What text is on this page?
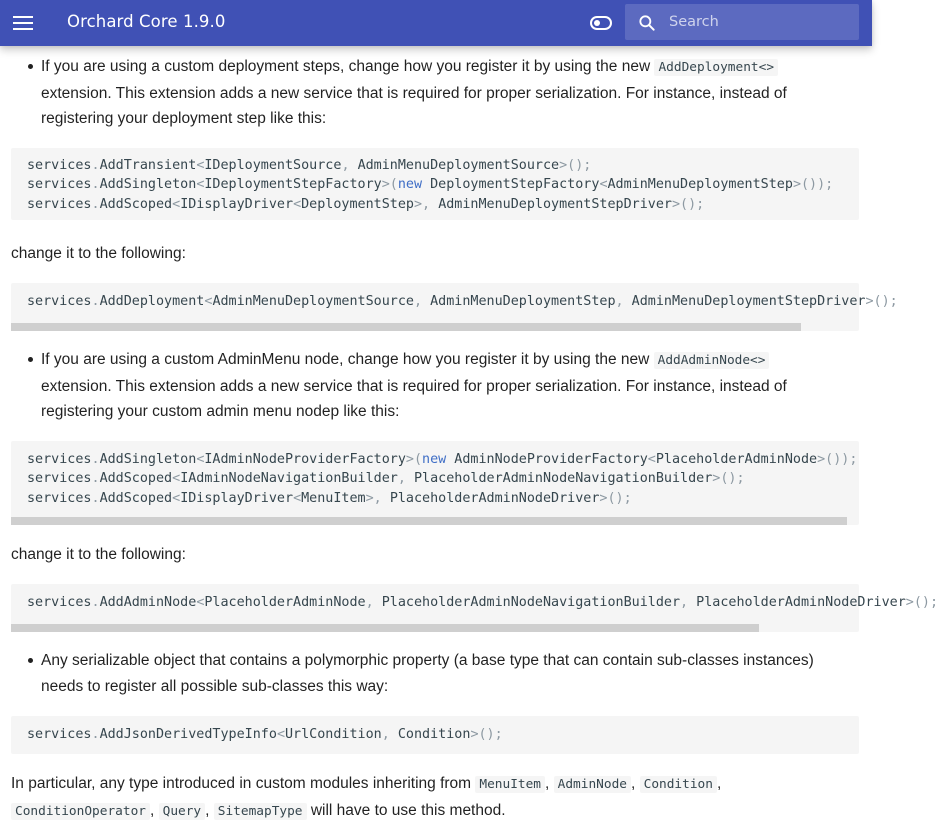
If you are using a custom deployment steps, change how you register it by using the new AddDeployment<>
extension. This extension adds a new service that is required for proper serialization. For instance, instead of
registering your deployment step like this:
services.AddTransient<IDeploymentSource, AdminMenuDeploymentSource>();
services.AddSingleton<IDeploymentStepFactory>(new DeploymentStepFactory<AdminMenuDeploymentStep>());
services.AddScoped<IDisplayDriver<DeploymentStep>, AdminMenuDeploymentStepDriver>();

change it to the following:

services.AddDeployment<AdminMenuDeploymentSource, AdminMenuDeploymentStep, AdminMenuDeploymentStepDriver>();
If you are using a custom AdminMenu node, change how you register it by using the new AddAdminNode<>
extension. This extension adds a new service that is required for proper serialization. For instance, instead of
registering your custom admin menu nodep like this:
services.AddSingleton<IAdminNodeProviderFactory>(new AdminNodeProviderFactory<PlaceholderAdminNode>());
services.AddScoped<IAdminNodeNavigationBuilder, PlaceholderAdminNodeNavigationBuilder>();
services.AddScoped<IDisplayDriver<MenuItem>, PlaceholderAdminNodeDriver>();

change it to the following:

services.AddAdminNode<PlaceholderAdminNode, PlaceholderAdminNodeNavigationBuilder, PlaceholderAdminNodeDriver>();
Any serializable object that contains a polymorphic property (a base type that can contain sub-classes instances)
needs to register all possible sub-classes this way:
services.AddJsonDerivedTypeInfo<UrlCondition, Condition>();

In particular, any type introduced in custom modules inheriting from MenuItem , AdminNode , Condition ,
ConditionOperator , Query , SitemapType will have to use this method.

Orchard Core 1.9.0
Search
